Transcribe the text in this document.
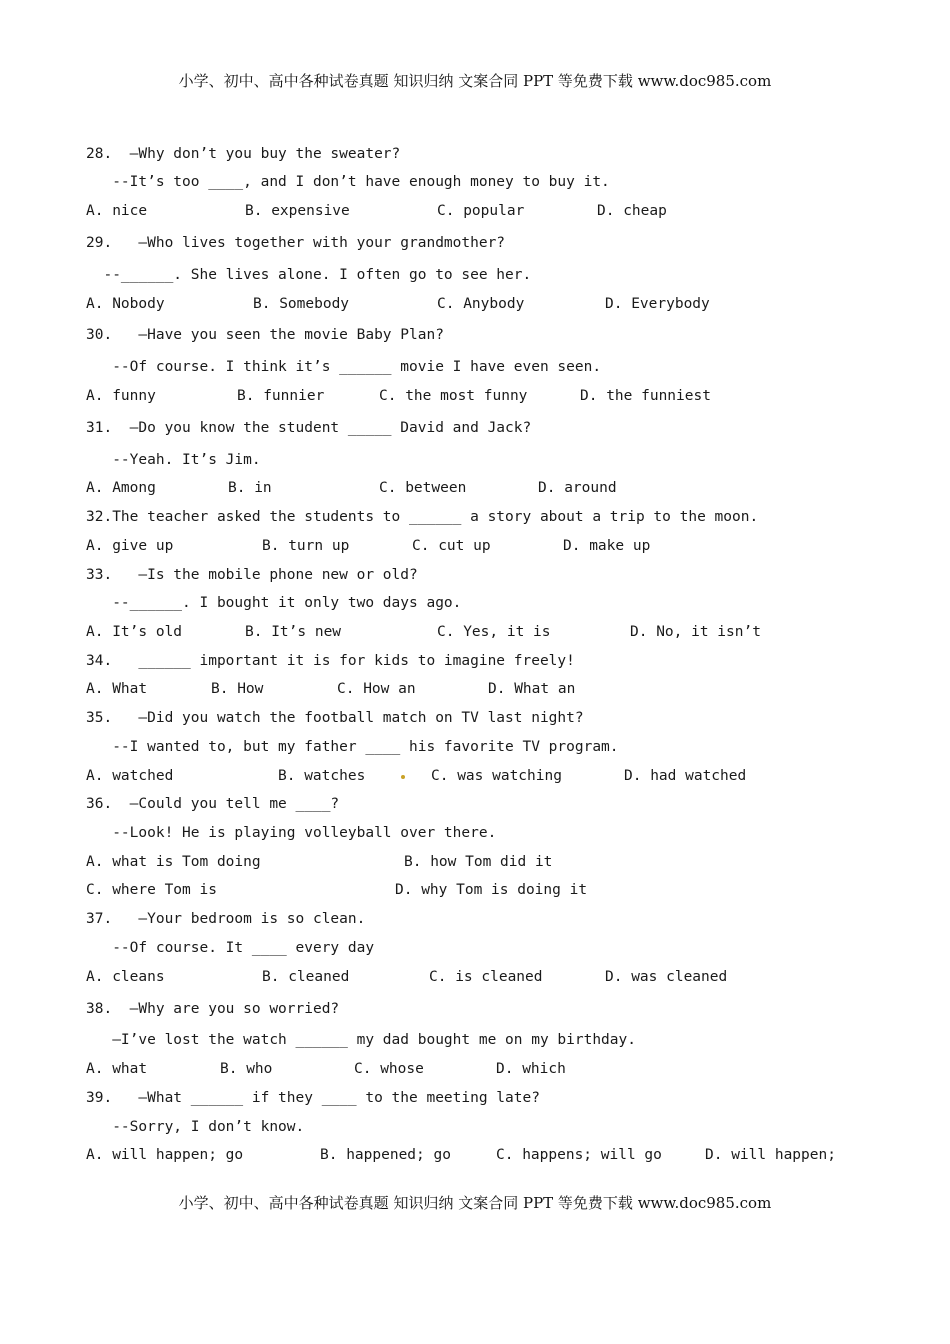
小学、初中、高中各种试卷真题 知识归纳 文案合同 PPT 等免费下载 www.doc985.com
28.  –Why don’t you buy the sweater?
--It’s too ____, and I don’t have enough money to buy it.
A. nice	B. expensive	C. popular	D. cheap
29.   –Who lives together with your grandmother?
--______. She lives alone. I often go to see her.
A. Nobody	B. Somebody	C. Anybody	D. Everybody
30.   –Have you seen the movie Baby Plan?
--Of course. I think it’s ______ movie I have even seen.
A. funny	B. funnier	C. the most funny	D. the funniest
31.  –Do you know the student _____ David and Jack?
--Yeah. It’s Jim.
A. Among	B. in	C. between	D. around
32.The teacher asked the students to ______ a story about a trip to the moon.
A. give up	B. turn up	C. cut up	D. make up
33.   –Is the mobile phone new or old?
--______. I bought it only two days ago.
A. It’s old	B. It’s new	C. Yes, it is	D. No, it isn’t
34.   ______ important it is for kids to imagine freely!
A. What	B. How	C. How an	D. What an
35.   –Did you watch the football match on TV last night?
--I wanted to, but my father ____ his favorite TV program.
A. watched	B. watches	C. was watching	D. had watched
36.  –Could you tell me ____?
--Look! He is playing volleyball over there.
A. what is Tom doing	B. how Tom did it
C. where Tom is	D. why Tom is doing it
37.   –Your bedroom is so clean.
--Of course. It ____ every day
A. cleans	B. cleaned	C. is cleaned	D. was cleaned
38.  –Why are you so worried?
–I’ve lost the watch ______ my dad bought me on my birthday.
A. what	B. who	C. whose	D. which
39.   –What ______ if they ____ to the meeting late?
--Sorry, I don’t know.
A. will happen; go	B. happened; go	C. happens; will go	D. will happen;
小学、初中、高中各种试卷真题 知识归纳 文案合同 PPT 等免费下载 www.doc985.com
